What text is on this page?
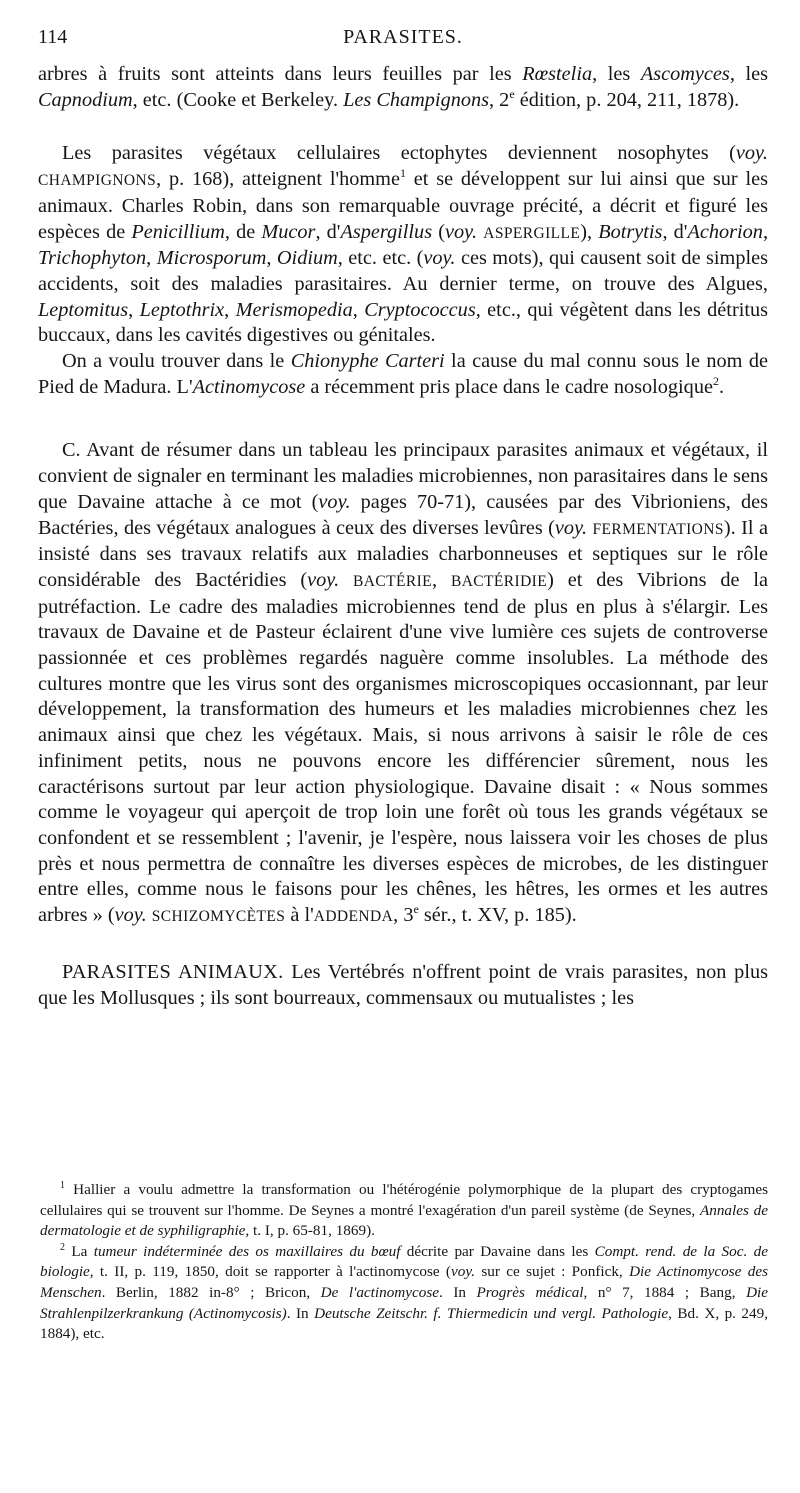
114	PARASITES.

arbres à fruits sont atteints dans leurs feuilles par les Rœstelia, les Ascomyces, les Capnodium, etc. (Cooke et Berkeley. Les Champignons, 2e édition, p. 204, 211, 1878).

Les parasites végétaux cellulaires ectophytes deviennent nosophytes (voy. CHAMPIGNONS, p. 168), atteignent l'homme$^1$ et se développent sur lui ainsi que sur les animaux. Charles Robin, dans son remarquable ouvrage précité, a décrit et figuré les espèces de Penicillium, de Mucor, d'Aspergillus (voy. ASPERGILLE), Botrytis, d'Achorion, Trichophyton, Microsporum, Oidium, etc. etc. (voy. ces mots), qui causent soit de simples accidents, soit des maladies parasitaires. Au dernier terme, on trouve des Algues, Leptomitus, Leptothrix, Merismopedia, Cryptococcus, etc., qui végètent dans les détritus buccaux, dans les cavités digestives ou génitales.

On a voulu trouver dans le Chionyphe Carteri la cause du mal connu sous le nom de Pied de Madura. L'Actinomycose a récemment pris place dans le cadre nosologique$^2$.

C. Avant de résumer dans un tableau les principaux parasites animaux et végétaux, il convient de signaler en terminant les maladies microbiennes, non parasitaires dans le sens que Davaine attache à ce mot (voy. pages 70-71), causées par des Vibrioniens, des Bactéries, des végétaux analogues à ceux des diverses levûres (voy. FERMENTATIONS). Il a insisté dans ses travaux relatifs aux maladies charbonneuses et septiques sur le rôle considérable des Bactéridies (voy. BACTÉRIE, BACTÉRIDIE) et des Vibrions de la putréfaction. Le cadre des maladies microbiennes tend de plus en plus à s'élargir. Les travaux de Davaine et de Pasteur éclairent d'une vive lumière ces sujets de controverse passionnée et ces problèmes regardés naguère comme insolubles. La méthode des cultures montre que les virus sont des organismes microscopiques occasionnant, par leur développement, la transformation des humeurs et les maladies microbiennes chez les animaux ainsi que chez les végétaux. Mais, si nous arrivons à saisir le rôle de ces infiniment petits, nous ne pouvons encore les différencier sûrement, nous les caractérisons surtout par leur action physiologique. Davaine disait : « Nous sommes comme le voyageur qui aperçoit de trop loin une forêt où tous les grands végétaux se confondent et se ressemblent ; l'avenir, je l'espère, nous laissera voir les choses de plus près et nous permettra de connaître les diverses espèces de microbes, de les distinguer entre elles, comme nous le faisons pour les chênes, les hêtres, les ormes et les autres arbres » (voy. SCHIZOMYCÈTES à l'ADDENDA, 3e sér., t. XV, p. 185).

PARASITES ANIMAUX. Les Vertébrés n'offrent point de vrais parasites, non plus que les Mollusques ; ils sont bourreaux, commensaux ou mutualistes ; les

$^1$ Hallier a voulu admettre la transformation ou l'hétérogénie polymorphique de la plupart des cryptogames cellulaires qui se trouvent sur l'homme. De Seynes a montré l'exagération d'un pareil système (de Seynes, Annales de dermatologie et de syphiligraphie, t. I, p. 65-81, 1869).

$^2$ La tumeur indéterminée des os maxillaires du bœuf décrite par Davaine dans les Compt. rend. de la Soc. de biologie, t. II, p. 119, 1850, doit se rapporter à l'actinomycose (voy. sur ce sujet : Ponfick, Die Actinomycose des Menschen. Berlin, 1882 in-8° ; Bricon, De l'actinomycose. In Progrès médical, n° 7, 1884 ; Bang, Die Strahlenpilzerkrankung (Actinomycosis). In Deutsche Zeitschr. f. Thiermedicin und vergl. Pathologie, Bd. X, p. 249, 1884), etc.
